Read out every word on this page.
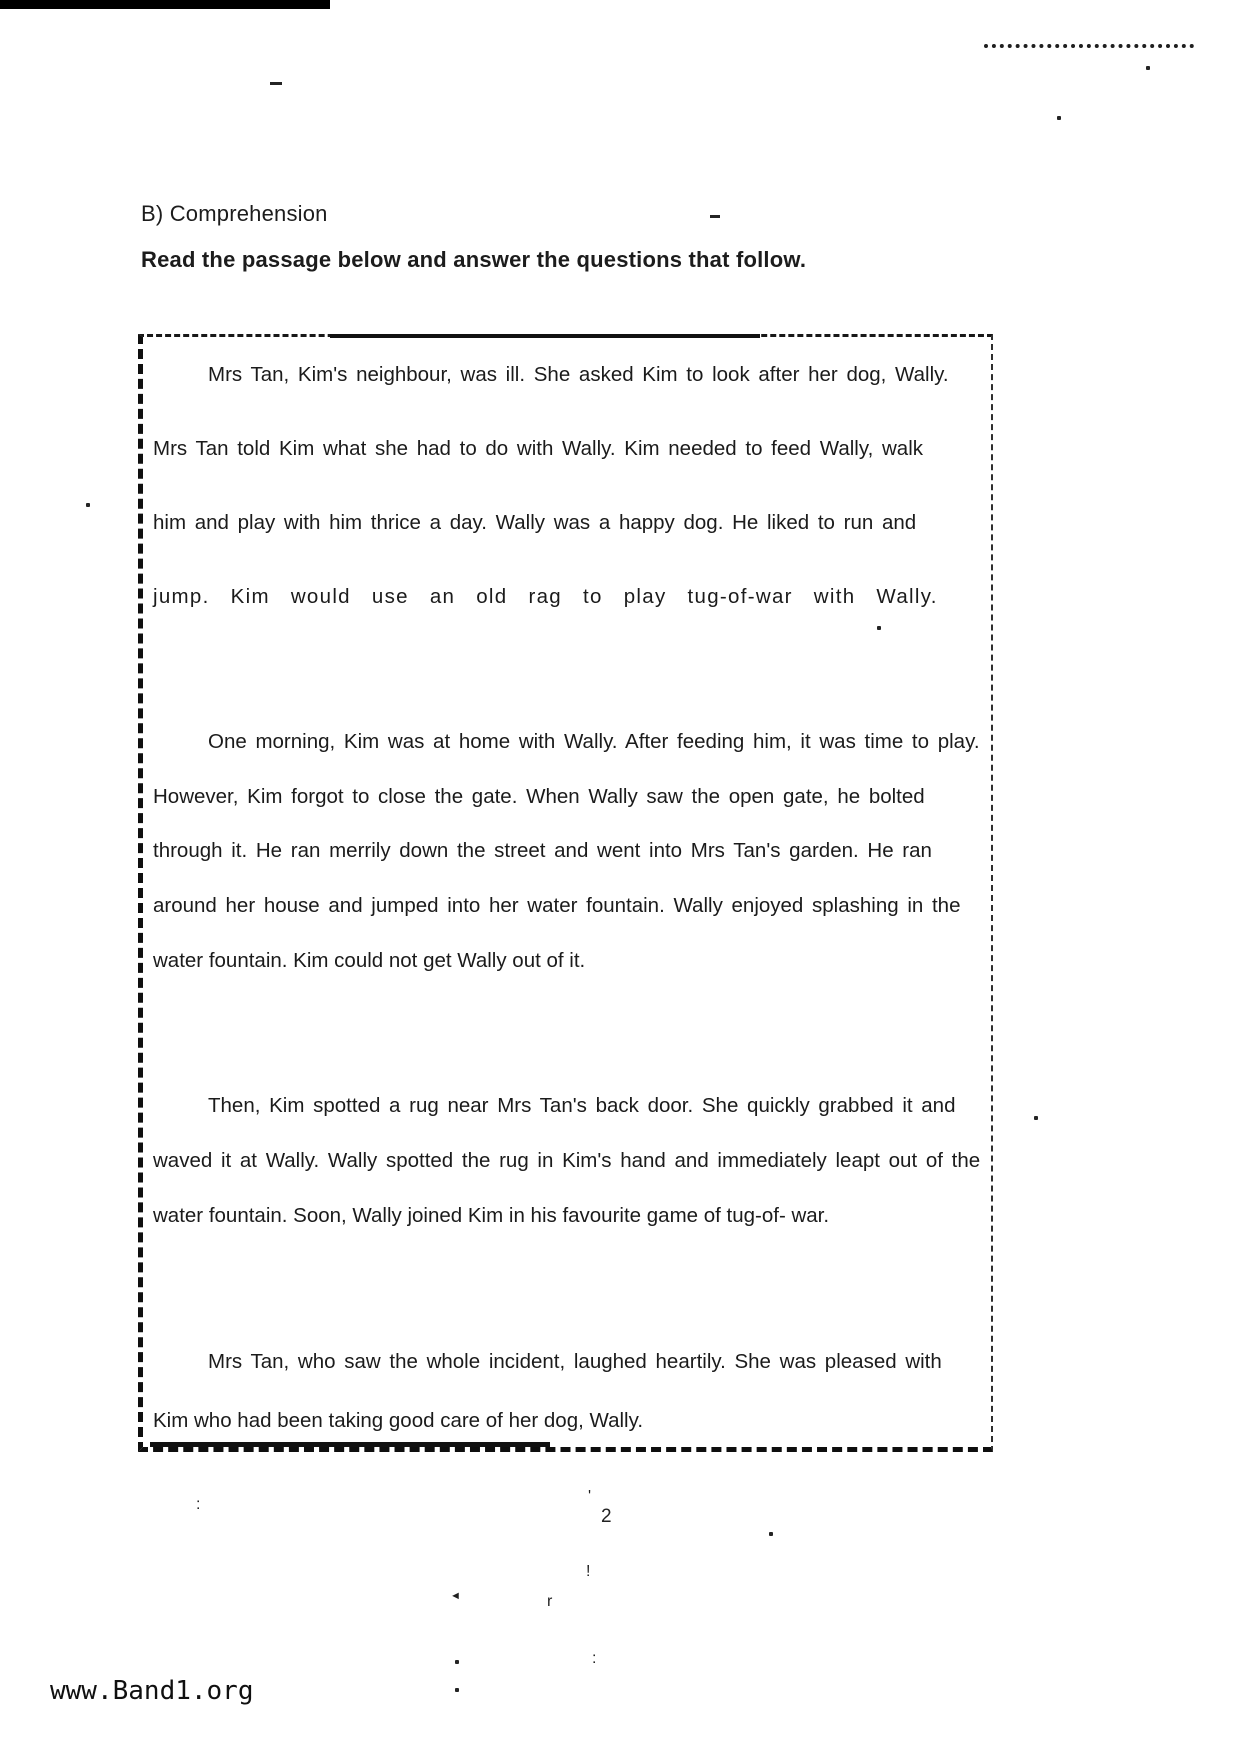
B) Comprehension
Read the passage below and answer the questions that follow.
Mrs Tan, Kim's neighbour, was ill. She asked Kim to look after her dog, Wally.
Mrs Tan told Kim what she had to do with Wally. Kim needed to feed Wally, walk
him and play with him thrice a day. Wally was a happy dog. He liked to run and
jump. Kim would use an old rag to play tug-of-war with Wally.
One morning, Kim was at home with Wally. After feeding him, it was time to play.
However, Kim forgot to close the gate. When Wally saw the open gate, he bolted
through it. He ran merrily down the street and went into Mrs Tan's garden. He ran
around her house and jumped into her water fountain. Wally enjoyed splashing in the
water fountain. Kim could not get Wally out of it.
Then, Kim spotted a rug near Mrs Tan's back door. She quickly grabbed it and
waved it at Wally. Wally spotted the rug in Kim's hand and immediately leapt out of the
water fountain. Soon, Wally joined Kim in his favourite game of tug-of- war.
Mrs Tan, who saw the whole incident, laughed heartily. She was pleased with
Kim who had been taking good care of her dog, Wally.
2
www.Band1.org
:	'
!
◄	r
:
